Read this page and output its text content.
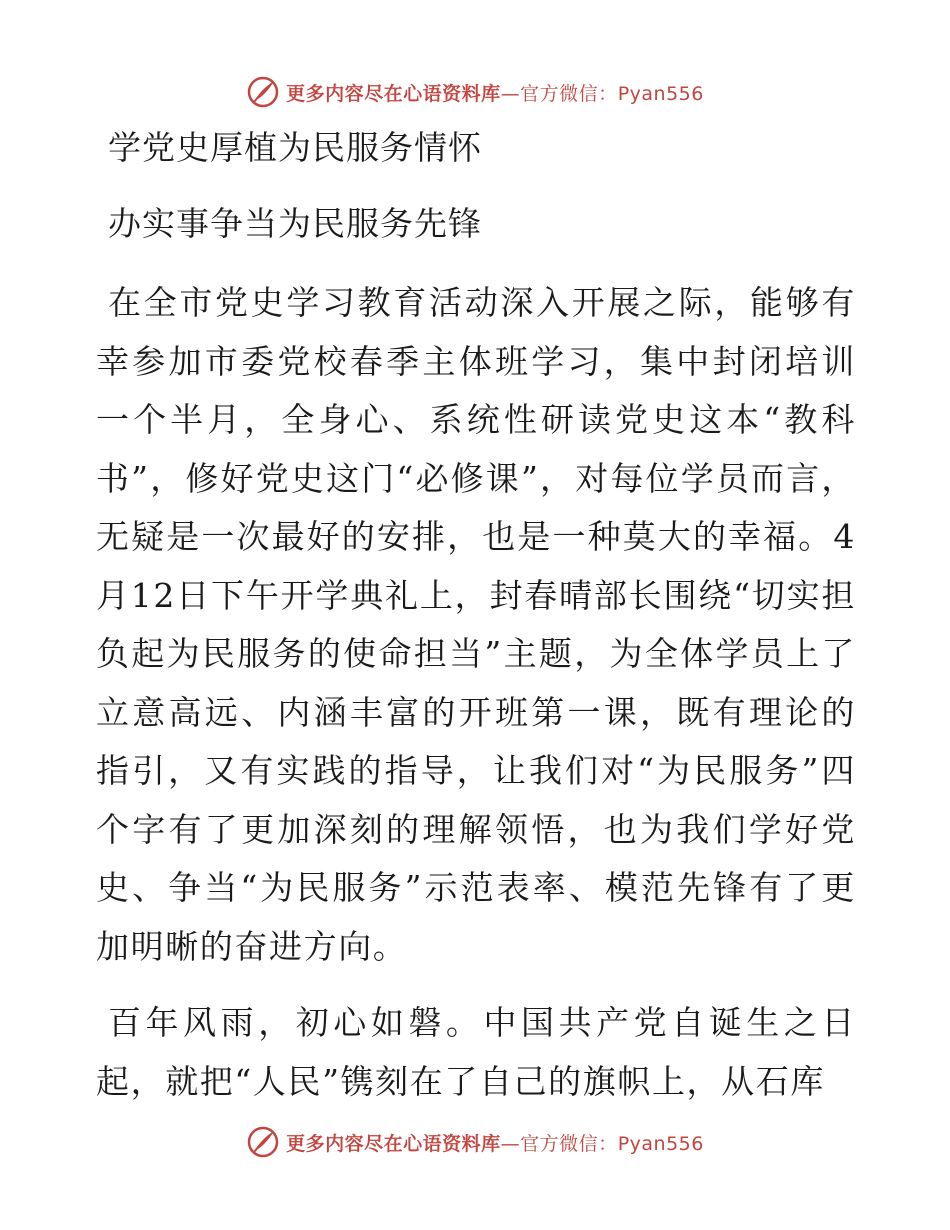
更多内容尽在心语资料库—官方微信：Pyan556
学党史厚植为民服务情怀
办实事争当为民服务先锋

在全市党史学习教育活动深入开展之际，能够有幸参加市委党校春季主体班学习，集中封闭培训一个半月，全身心、系统性研读党史这本“教科书”，修好党史这门“必修课”，对每位学员而言，无疑是一次最好的安排，也是一种莫大的幸福。4月12日下午开学典礼上，封春晴部长围绕“切实担负起为民服务的使命担当”主题，为全体学员上了立意高远、内涵丰富的开班第一课，既有理论的指引，又有实践的指导，让我们对“为民服务”四个字有了更加深刻的理解领悟，也为我们学好党史、争当“为民服务”示范表率、模范先锋有了更加明晰的奋进方向。

百年风雨，初心如磐。中国共产党自诞生之日起，就把“人民”镌刻在了自己的旗帜上，从石库

更多内容尽在心语资料库—官方微信：Pyan556
